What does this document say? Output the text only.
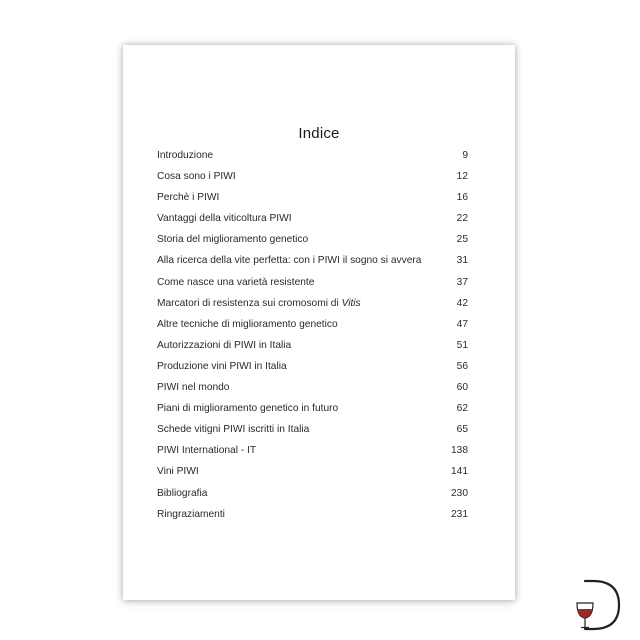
Indice
Introduzione	9
Cosa sono i PIWI	12
Perchè i PIWI	16
Vantaggi della viticoltura PIWI	22
Storia del miglioramento genetico	25
Alla ricerca della vite perfetta: con i PIWI il sogno si avvera	31
Come nasce una varietà resistente	37
Marcatori di resistenza sui cromosomi di Vitis	42
Altre tecniche di miglioramento genetico	47
Autorizzazioni di PIWI in Italia	51
Produzione vini PIWI in Italia	56
PIWI nel mondo	60
Piani di miglioramento genetico in futuro	62
Schede vitigni PIWI iscritti in Italia	65
PIWI International - IT	138
Vini PIWI	141
Bibliografia	230
Ringraziamenti	231
